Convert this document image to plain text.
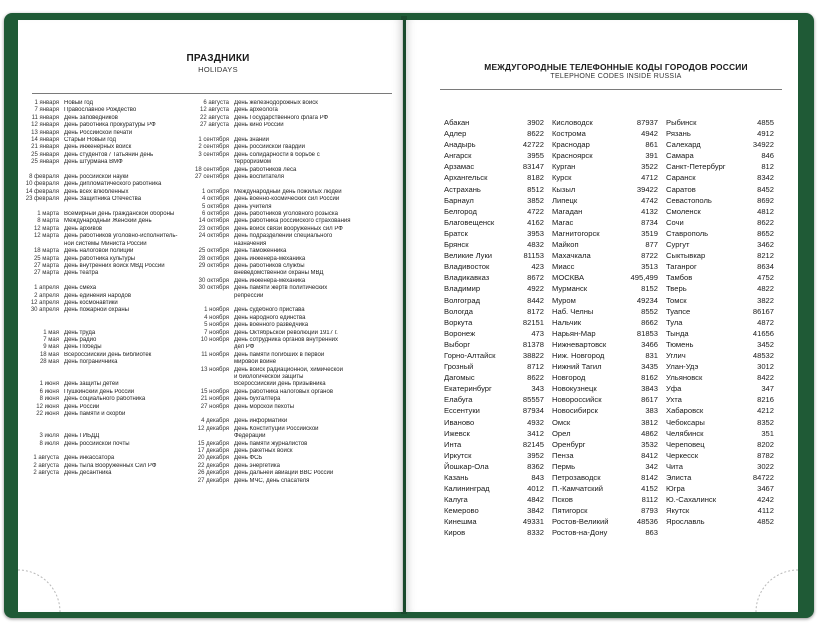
ПРАЗДНИКИ
HOLIDAYS
1 января Новый год
7 января Православное Рождество
11 января День заповедников
12 января День работника прокуратуры РФ
13 января День Российской печати
14 января Старый Новый год
21 января День инженерных войск
25 января День студентов / Татьянин день
25 января День штурмана ВМФ
8 февраля День российской науки
10 февраля День дипломатического работника
14 февраля День всех влюбленных
23 февраля День Защитника Отечества
1 марта Всемирный день гражданской обороны
8 марта Международный Женский день
12 марта День архивов
12 марта День работников уголовно-исполнитель-
ной системы Министа России
18 марта День налоговой полиции
25 марта День работника культуры
27 марта День внутренних войск МВД России
27 марта День театра
1 апреля День смеха
2 апреля День единения народов
12 апреля День космонавтики
30 апреля День пожарной охраны
1 мая День труда
7 мая День радио
9 мая День Победы
18 мая Всероссийский день библиотек
28 мая День пограничника
1 июня День защиты детей
6 июня Пушкинский день России
8 июня День социального работника
12 июня День России
22 июня День памяти и скорби
3 июля День ГИБДД
8 июля День российской почты
1 августа День инкассатора
2 августа День тыла Вооруженных Сил РФ
2 августа День десантника
6 августа День железнодорожных войск
12 августа День археолога
22 августа День Государственного флага РФ
27 августа День кино России
1 сентября День знаний
2 сентября День российской гвардии
3 сентября День солидарности в борьбе с
терроризмом
18 сентября День работников леса
27 сентября День воспитателя
1 октября Международный день пожилых людей
4 октября День военно-космических сил России
5 октября День учителя
6 октября День работников уголовного розыска
14 октября День работника российского страхования
23 октября День войск связи вооруженных сил РФ
24 октября День подразделений специального
назначения
25 октября День таможенника
28 октября День инженера-механика
29 октября День работников службы
вневедомственной охраны МВД
30 октября День инженера-механика
30 октября День памяти жертв политических
репрессий
1 ноября День судебного пристава
4 ноября День народного единства
5 ноября День военного разведчика
7 ноября День Октябрьской революции 1917 г.
10 ноября День сотрудника органов внутренних
дел РФ
11 ноября День памяти погибших в первой
мировой войне
13 ноября День войск радиационной, химической
и биологической защиты
Всероссийский день призывника
15 ноября День работника налоговых органов
21 ноября День бухгалтера
27 ноября День морской пехоты
4 декабря День информатики
12 декабря День Конституции Российской
Федерации
15 декабря День памяти журналистов
17 декабря День ракетных войск
20 декабря День ФСБ
22 декабря День энергетика
26 декабря День дальней авиации ВВС России
27 декабря День МЧС, день спасателя
МЕЖДУГОРОДНЫЕ ТЕЛЕФОННЫЕ КОДЫ ГОРОДОВ РОССИИ
TELEPHONE CODES INSIDE RUSSIA
Абакан	3902
Адлер	8622
Анадырь	42722
Ангарск	3955
Арзамас	83147
Архангельск	8182
Астрахань	8512
Барнаул	3852
Белгород	4722
Благовещенск	4162
Братск	3953
Брянск	4832
Великие Луки	81153
Владивосток	423
Владикавказ	8672
Владимир	4922
Волгоград	8442
Вологда	8172
Воркута	82151
Воронеж	473
Выборг	81378
Горно-Алтайск	38822
Грозный	8712
Дагомыс	8622
Екатеринбург	343
Елабуга	85557
Ессентуки	87934
Иваново	4932
Ижевск	3412
Инта	82145
Иркутск	3952
Йошкар-Ола	8362
Казань	843
Калининград	4012
Калуга	4842
Кемерово	3842
Кинешма	49331
Киров	8332
Кисловодск	87937
Кострома	4942
Краснодар	861
Красноярск	391
Курган	3522
Курск	4712
Кызыл	39422
Липецк	4742
Магадан	4132
Магас	8734
Магнитогорск	3519
Майкоп	877
Махачкала	8722
Миасс	3513
МОСКВА	495,499
Мурманск	8152
Муром	49234
Наб. Челны	8552
Нальчик	8662
Нарьян-Мар	81853
Нижневартовск	3466
Ниж. Новгород	831
Нижний Тагил	3435
Новгород	8162
Новокузнецк	3843
Новороссийск	8617
Новосибирск	383
Омск	3812
Орел	4862
Оренбург	3532
Пенза	8412
Пермь	342
Петрозаводск	8142
П.-Камчатский	4152
Псков	8112
Пятигорск	8793
Ростов-Великий	48536
Ростов-на-Дону	863
Рыбинск	4855
Рязань	4912
Салехард	34922
Самара	846
Санкт-Петербург	812
Саранск	8342
Саратов	8452
Севастополь	8692
Смоленск	4812
Сочи	8622
Ставрополь	8652
Сургут	3462
Сыктывкар	8212
Таганрог	8634
Тамбов	4752
Тверь	4822
Томск	3822
Туапсе	86167
Тула	4872
Тында	41656
Тюмень	3452
Углич	48532
Улан-Удэ	3012
Ульяновск	8422
Уфа	347
Ухта	8216
Хабаровск	4212
Чебоксары	8352
Челябинск	351
Череповец	8202
Черкесск	8782
Чита	3022
Элиста	84722
Югра	3467
Ю.-Сахалинск	4242
Якутск	4112
Ярославль	4852
